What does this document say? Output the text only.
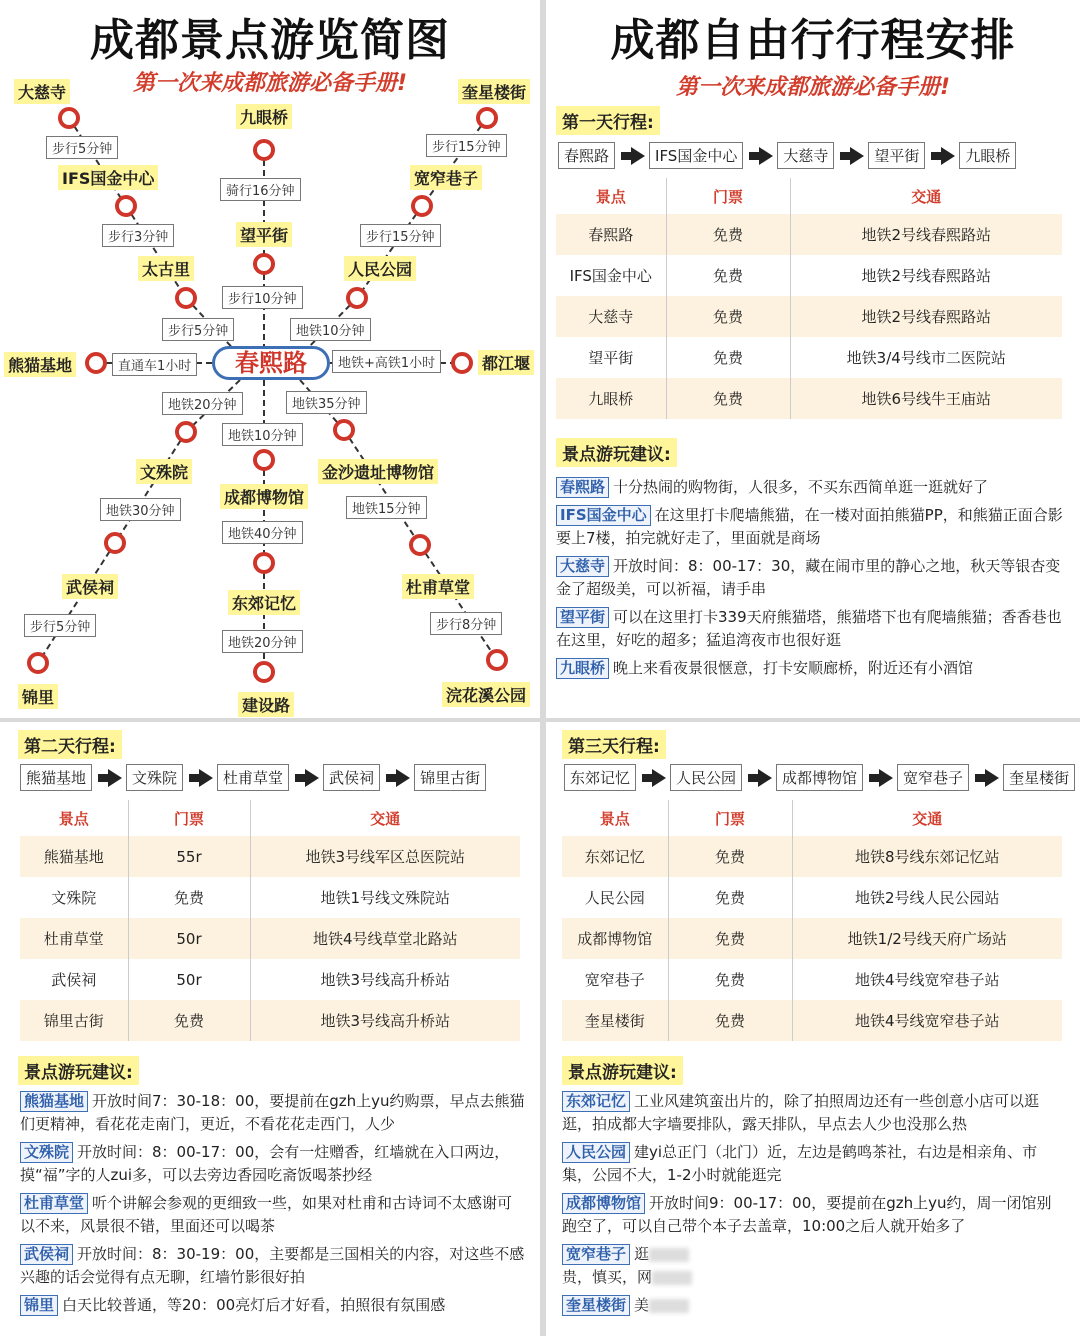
成都景点游览简图
第一次来成都旅游必备手册!
春熙路
大慈寺	奎星楼街
九眼桥
IFS国金中心	宽窄巷子
望平街
太古里	人民公园
熊猫基地	都江堰
文殊院	金沙遗址博物馆
成都博物馆
武侯祠
东郊记忆
杜甫草堂
锦里	建设路
浣花溪公园
步行5分钟	步行15分钟
骑行16分钟
步行3分钟	步行15分钟
步行10分钟
步行5分钟	地铁10分钟
直通车1小时	地铁+高铁1小时
地铁20分钟	地铁35分钟
地铁10分钟
地铁30分钟	地铁15分钟
地铁40分钟
步行5分钟	步行8分钟
地铁20分钟
成都自由行行程安排
第一次来成都旅游必备手册!
第一天行程:
春熙路	IFS国金中心	大慈寺	望平街	九眼桥
景点	门票	交通
春熙路	免费	地铁2号线春熙路站
IFS国金中心	免费	地铁2号线春熙路站
大慈寺	免费	地铁2号线春熙路站
望平街	免费	地铁3/4号线市二医院站
九眼桥	免费	地铁6号线牛王庙站
景点游玩建议:
春熙路 十分热闹的购物街，人很多，不买东西简单逛一逛就好了
IFS国金中心 在这里打卡爬墙熊猫，在一楼对面拍熊猫PP，和熊猫正面合影要上7楼，拍完就好走了，里面就是商场
大慈寺 开放时间：8：00-17：30，藏在闹市里的静心之地，秋天等银杏变金了超级美，可以祈福，请手串
望平街 可以在这里打卡339天府熊猫塔，熊猫塔下也有爬墙熊猫；香香巷也在这里，好吃的超多；猛追湾夜市也很好逛
九眼桥 晚上来看夜景很惬意，打卡安顺廊桥，附近还有小酒馆
第二天行程:
熊猫基地	文殊院	杜甫草堂	武侯祠	锦里古街
景点	门票	交通
熊猫基地	55r	地铁3号线军区总医院站
文殊院	免费	地铁1号线文殊院站
杜甫草堂	50r	地铁4号线草堂北路站
武侯祠	50r	地铁3号线高升桥站
锦里古街	免费	地铁3号线高升桥站
景点游玩建议:
熊猫基地 开放时间7：30-18：00，要提前在gzh上yu约购票，早点去熊猫们更精神，看花花走南门，更近，不看花花走西门，人少
文殊院 开放时间：8：00-17：00，会有一炷赠香，红墙就在入口两边，摸“福”字的人zui多，可以去旁边香园吃斋饭喝茶抄经
杜甫草堂 听个讲解会参观的更细致一些，如果对杜甫和古诗词不太感谢可以不来，风景很不错，里面还可以喝茶
武侯祠 开放时间：8：30-19：00，主要都是三国相关的内容，对这些不感兴趣的话会觉得有点无聊，红墙竹影很好拍
锦里 白天比较普通，等20：00亮灯后才好看，拍照很有氛围感
第三天行程:
东郊记忆	人民公园	成都博物馆	宽窄巷子	奎星楼街
景点	门票	交通
东郊记忆	免费	地铁8号线东郊记忆站
人民公园	免费	地铁2号线人民公园站
成都博物馆	免费	地铁1/2号线天府广场站
宽窄巷子	免费	地铁4号线宽窄巷子站
奎星楼街	免费	地铁4号线宽窄巷子站
景点游玩建议:
东郊记忆 工业风建筑蛮出片的，除了拍照周边还有一些创意小店可以逛逛，拍成都大字墙要排队，露天排队，早点去人少也没那么热
人民公园 建yi总正门（北门）近，左边是鹤鸣茶社，右边是相亲角、市集，公园不大，1-2小时就能逛完
成都博物馆 开放时间9：00-17：00，要提前在gzh上yu约，周一闭馆别跑空了，可以自己带个本子去盖章，10:00之后人就开始多了
宽窄巷子 逛
贵，慎买，网
奎星楼街 美
